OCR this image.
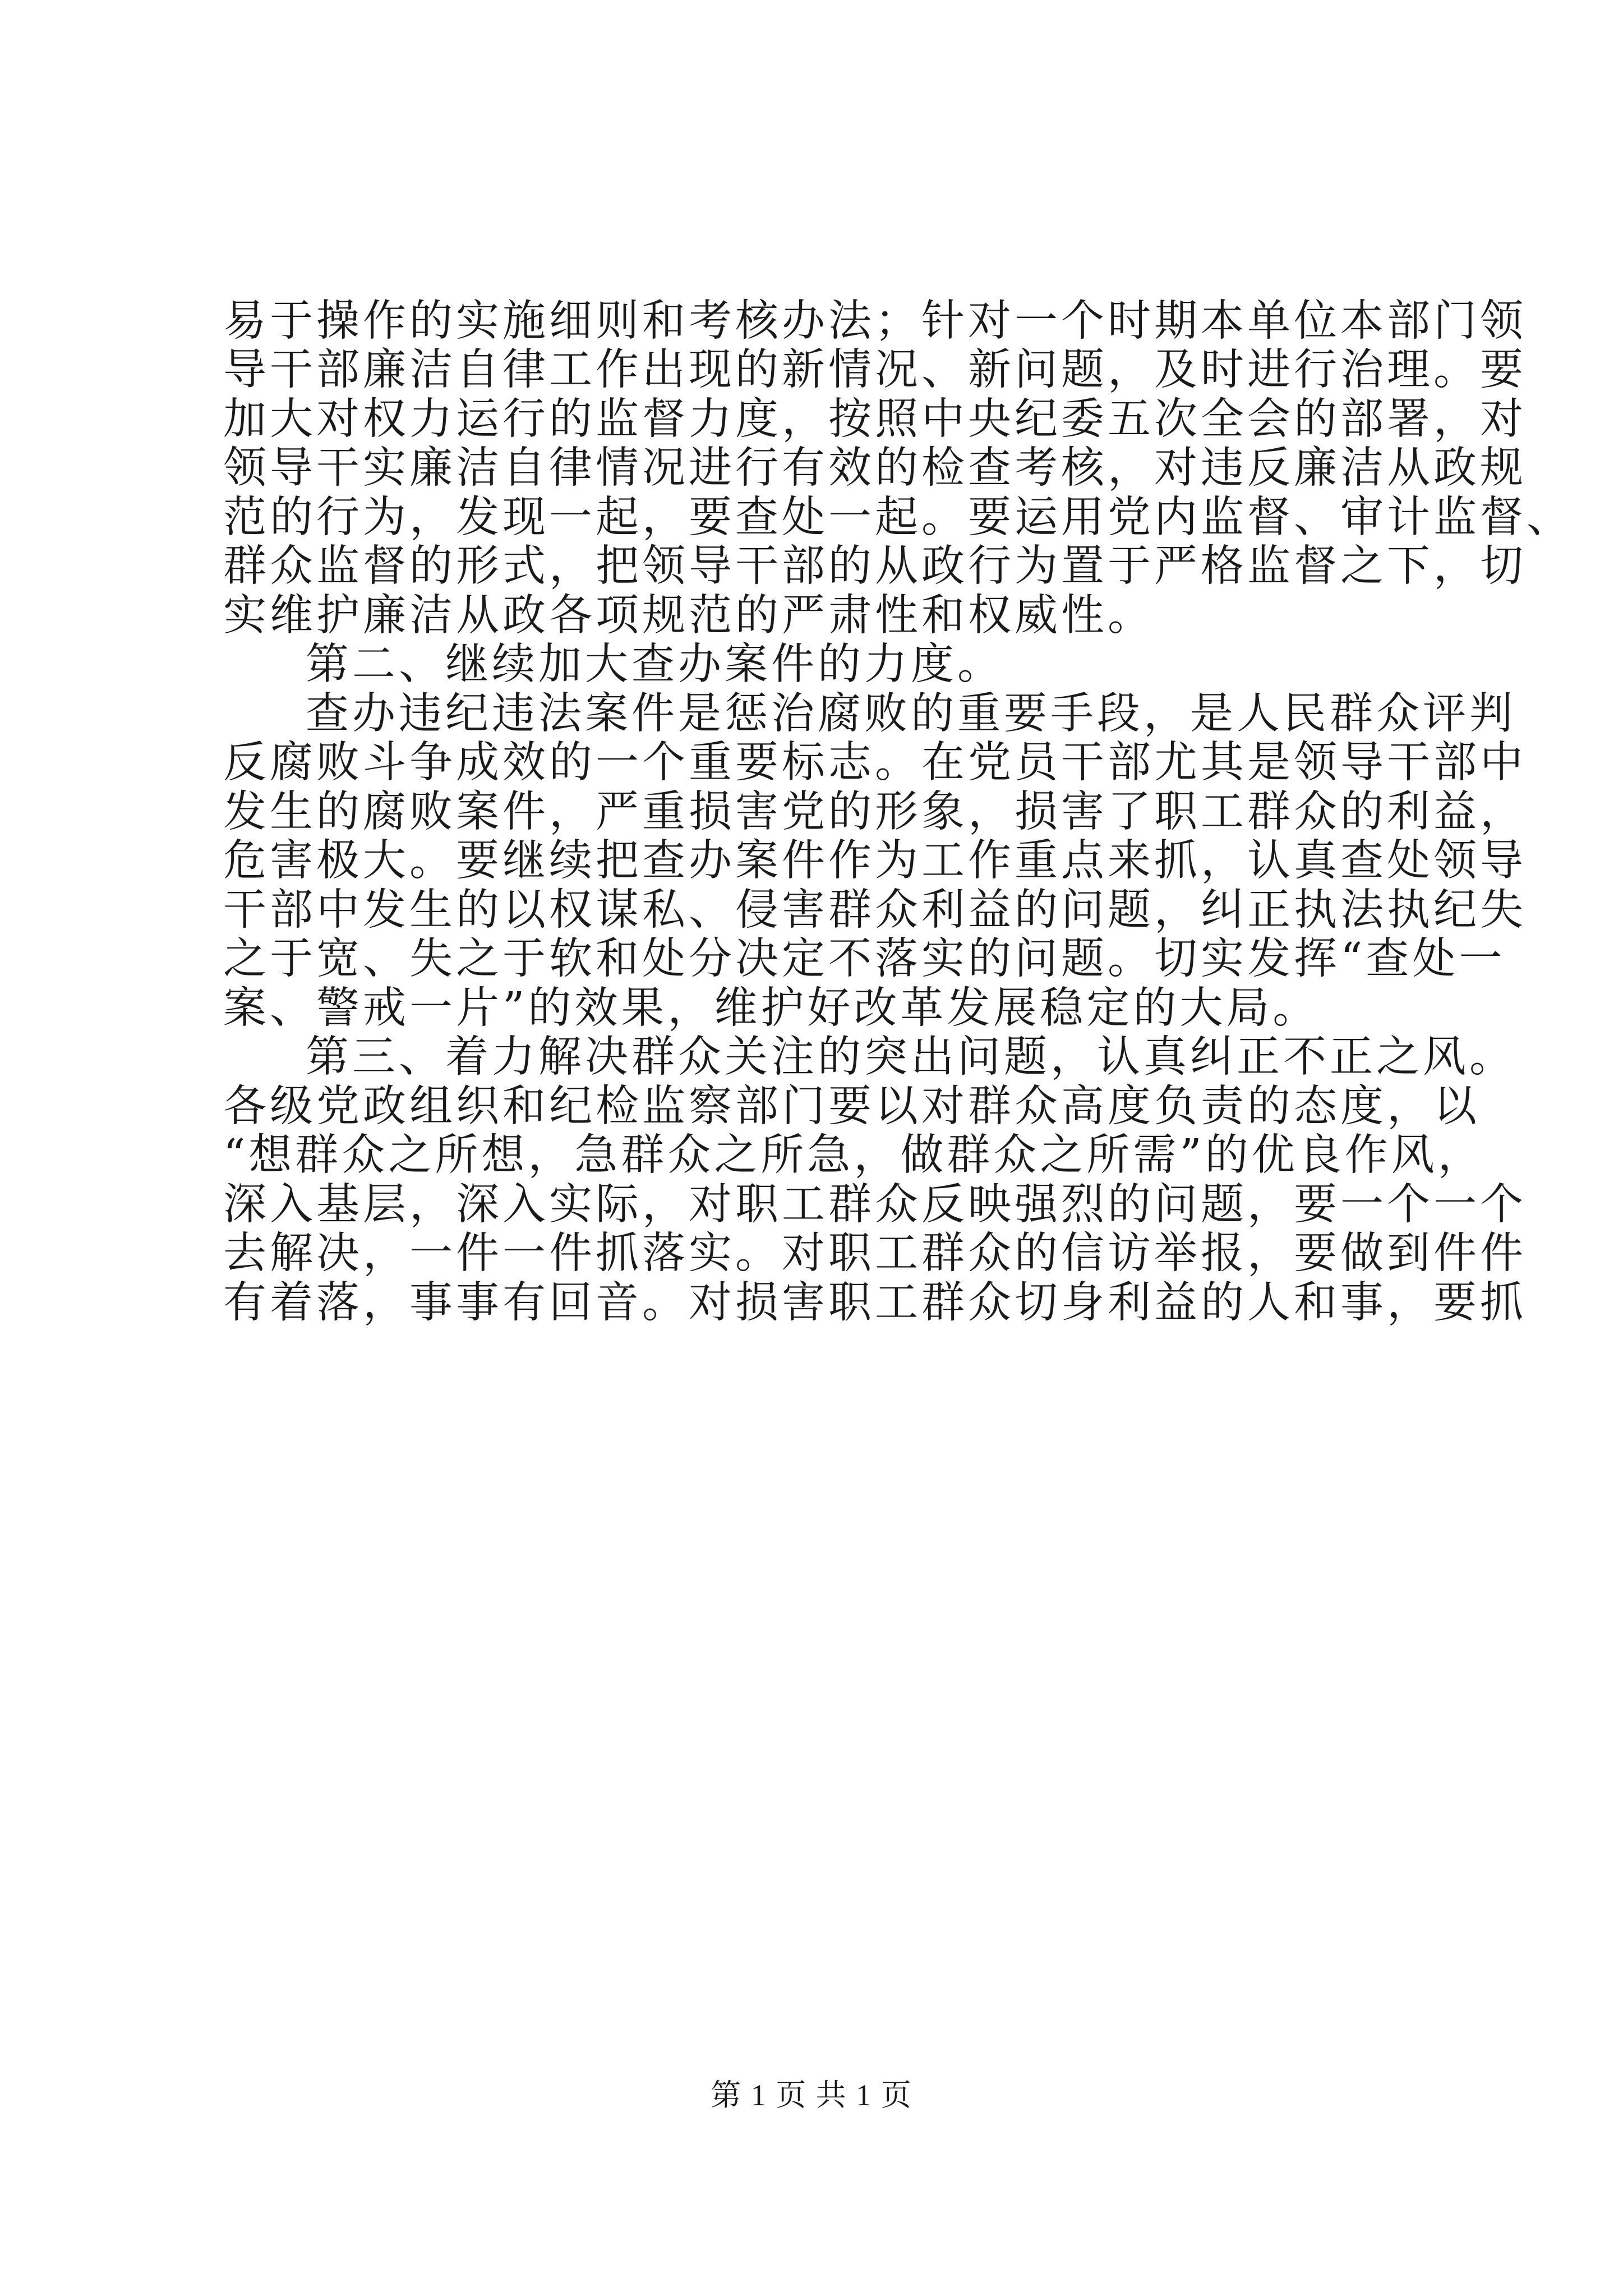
易于操作的实施细则和考核办法；针对一个时期本单位本部门领
导干部廉洁自律工作出现的新情况、新问题，及时进行治理。要
加大对权力运行的监督力度，按照中央纪委五次全会的部署，对
领导干实廉洁自律情况进行有效的检查考核，对违反廉洁从政规
范的行为，发现一起，要查处一起。要运用党内监督、审计监督、
群众监督的形式，把领导干部的从政行为置于严格监督之下，切
实维护廉洁从政各项规范的严肃性和权威性。
第二、继续加大查办案件的力度。
查办违纪违法案件是惩治腐败的重要手段，是人民群众评判
反腐败斗争成效的一个重要标志。在党员干部尤其是领导干部中
发生的腐败案件，严重损害党的形象，损害了职工群众的利益，
危害极大。要继续把查办案件作为工作重点来抓，认真查处领导
干部中发生的以权谋私、侵害群众利益的问题，纠正执法执纪失
之于宽、失之于软和处分决定不落实的问题。切实发挥“查处一
案、警戒一片”的效果，维护好改革发展稳定的大局。
第三、着力解决群众关注的突出问题，认真纠正不正之风。
各级党政组织和纪检监察部门要以对群众高度负责的态度，以
“想群众之所想，急群众之所急，做群众之所需”的优良作风，
深入基层，深入实际，对职工群众反映强烈的问题，要一个一个
去解决，一件一件抓落实。对职工群众的信访举报，要做到件件
有着落，事事有回音。对损害职工群众切身利益的人和事，要抓
第 1 页 共 1 页
